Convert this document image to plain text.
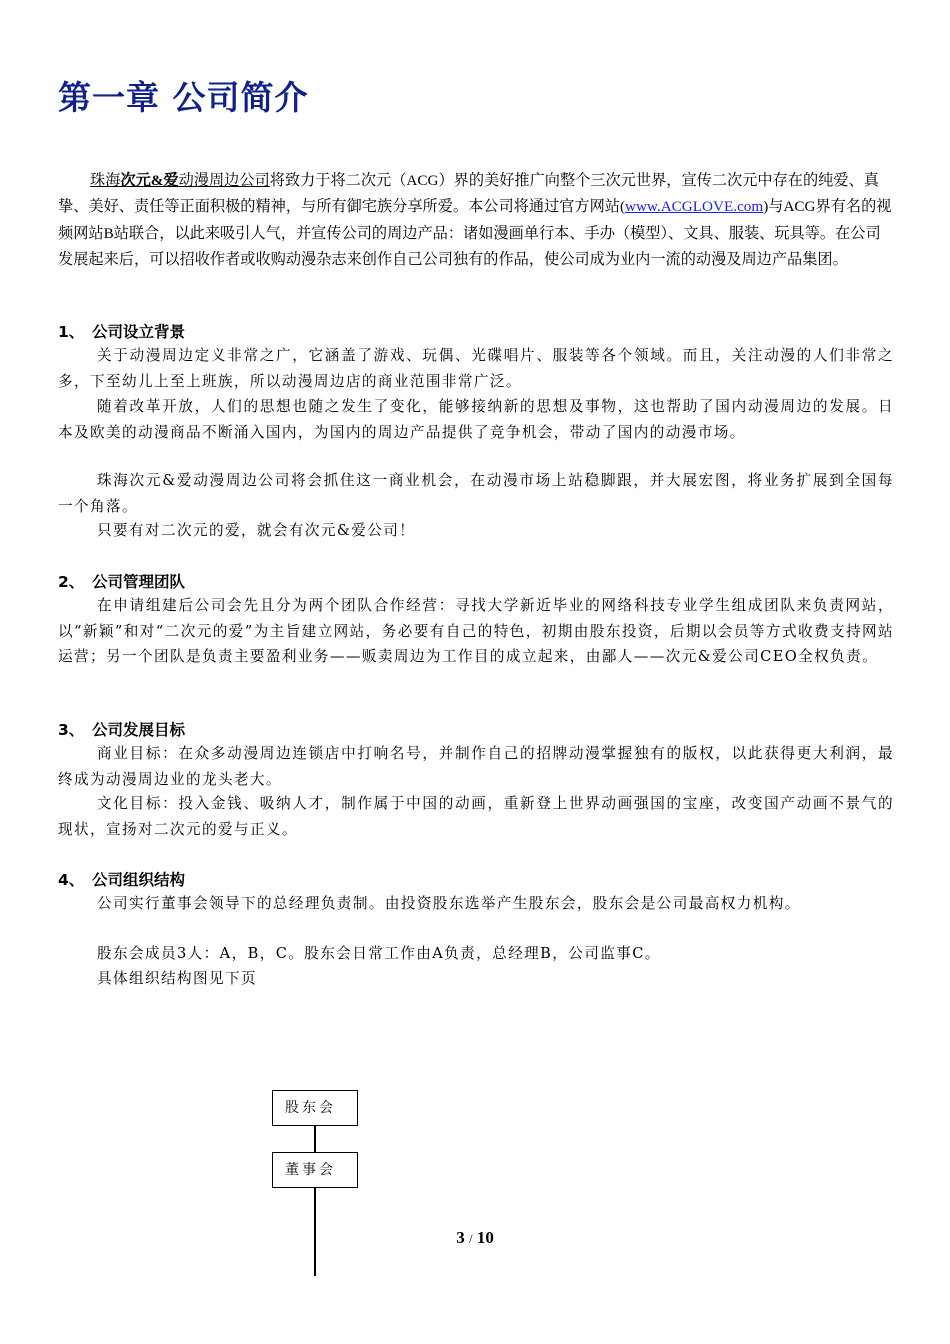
第一章 公司简介

珠海次元&爱动漫周边公司将致力于将二次元（ACG）界的美好推广向整个三次元世界，宣传二次元中存在的纯爱、真挚、美好、责任等正面积极的精神，与所有御宅族分享所爱。本公司将通过官方网站(www.ACGLOVE.com)与ACG界有名的视频网站B站联合，以此来吸引人气，并宣传公司的周边产品：诸如漫画单行本、手办（模型）、文具、服装、玩具等。在公司发展起来后，可以招收作者或收购动漫杂志来创作自己公司独有的作品，使公司成为业内一流的动漫及周边产品集团。

1、 公司设立背景

关于动漫周边定义非常之广，它涵盖了游戏、玩偶、光碟唱片、服装等各个领域。而且，关注动漫的人们非常之多，下至幼儿上至上班族，所以动漫周边店的商业范围非常广泛。

随着改革开放，人们的思想也随之发生了变化，能够接纳新的思想及事物，这也帮助了国内动漫周边的发展。日本及欧美的动漫商品不断涌入国内，为国内的周边产品提供了竞争机会，带动了国内的动漫市场。

珠海次元&爱动漫周边公司将会抓住这一商业机会，在动漫市场上站稳脚跟，并大展宏图，将业务扩展到全国每一个角落。

只要有对二次元的爱，就会有次元&爱公司！

2、 公司管理团队

在申请组建后公司会先且分为两个团队合作经营：寻找大学新近毕业的网络科技专业学生组成团队来负责网站，以“新颖”和对“二次元的爱”为主旨建立网站，务必要有自己的特色，初期由股东投资，后期以会员等方式收费支持网站运营；另一个团队是负责主要盈利业务——贩卖周边为工作目的成立起来，由鄙人——次元&爱公司CEO全权负责。

3、 公司发展目标

商业目标：在众多动漫周边连锁店中打响名号，并制作自己的招牌动漫掌握独有的版权，以此获得更大利润，最终成为动漫周边业的龙头老大。

文化目标：投入金钱、吸纳人才，制作属于中国的动画，重新登上世界动画强国的宝座，改变国产动画不景气的现状，宣扬对二次元的爱与正义。

4、 公司组织结构

公司实行董事会领导下的总经理负责制。由投资股东选举产生股东会，股东会是公司最高权力机构。

股东会成员3人：A，B，C。股东会日常工作由A负责，总经理B，公司监事C。

具体组织结构图见下页

股东会
董事会
3 / 10
